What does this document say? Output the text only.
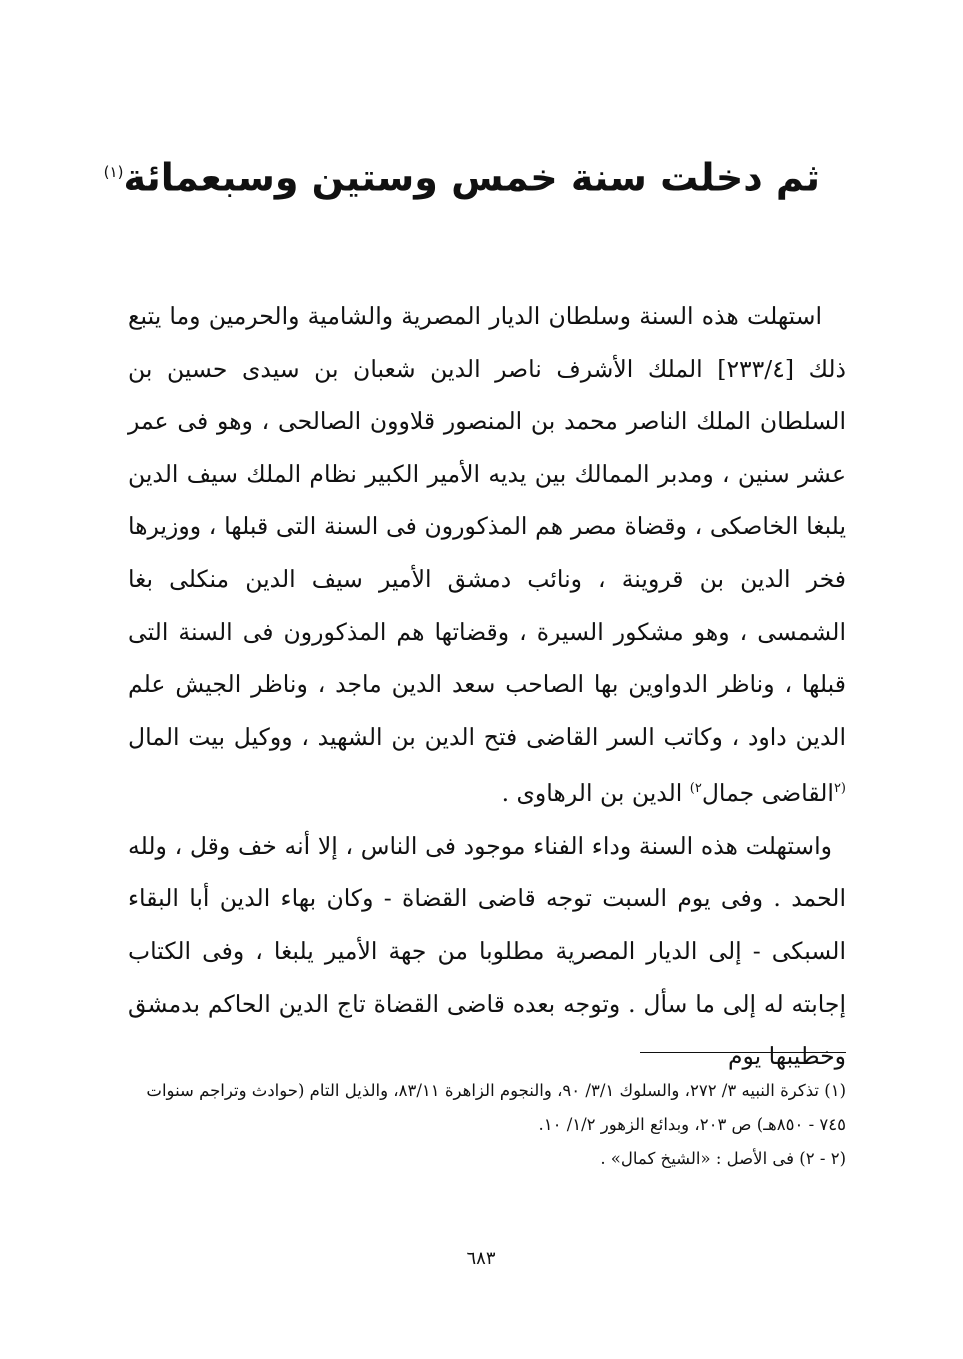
ثم دخلت سنة خمس وستين وسبعمائة$^{(١)}$

استهلت هذه السنة وسلطان الديار المصرية والشامية والحرمين وما يتبع ذلك [٢٣٣/٤] الملك الأشرف ناصر الدين شعبان بن سيدى حسين بن السلطان الملك الناصر محمد بن المنصور قلاوون الصالحى ، وهو فى عمر عشر سنين ، ومدبر الممالك بين يديه الأمير الكبير نظام الملك سيف الدين يلبغا الخاصكى ، وقضاة مصر هم المذكورون فى السنة التى قبلها ، ووزيرها فخر الدين بن قروينة ، ونائب دمشق الأمير سيف الدين منكلى بغا الشمسى ، وهو مشكور السيرة ، وقضاتها هم المذكورون فى السنة التى قبلها ، وناظر الدواوين بها الصاحب سعد الدين ماجد ، وناظر الجيش علم الدين داود ، وكاتب السر القاضى فتح الدين بن الشهيد ، ووكيل بيت المال $^{(٢}$القاضى جمال$^{٢)}$ الدين بن الرهاوى .

واستهلت هذه السنة وداء الفناء موجود فى الناس ، إلا أنه خف وقل ، ولله الحمد . وفى يوم السبت توجه قاضى القضاة - وكان بهاء الدين أبا البقاء السبكى - إلى الديار المصرية مطلوبا من جهة الأمير يلبغا ، وفى الكتاب إجابته له إلى ما سأل . وتوجه بعده قاضى القضاة تاج الدين الحاكم بدمشق وخطيبها يوم

(١) تذكرة النبيه ٣/ ٢٧٢، والسلوك ٣/١/ ٩٠، والنجوم الزاهرة ٨٣/١١، والذيل التام (حوادث وتراجم سنوات ٧٤٥ - ٨٥٠هـ) ص ٢٠٣، وبدائع الزهور ١/٢/ ١٠.

(٢ - ٢) فى الأصل : «الشيخ كمال» .

٦٨٣
